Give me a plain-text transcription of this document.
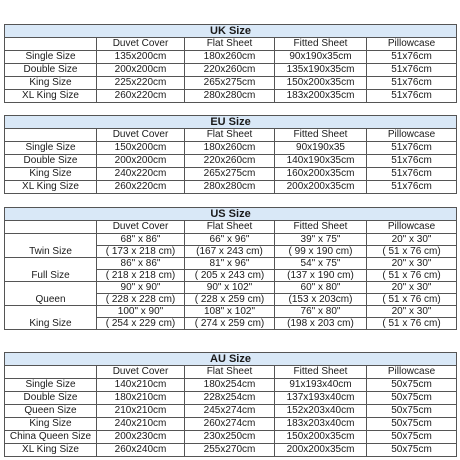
UK Size				
	Duvet Cover	Flat Sheet	Fitted Sheet	Pillowcase
Single Size	135x200cm	180x260cm	90x190x35cm	51x76cm
Double Size	200x200cm	220x260cm	135x190x35cm	51x76cm
King Size	225x220cm	265x275cm	150x200x35cm	51x76cm
XL King Size	260x220cm	280x280cm	183x200x35cm	51x76cm
EU Size				
	Duvet Cover	Flat Sheet	Fitted Sheet	Pillowcase
Single Size	150x200cm	180x260cm	90x190x35	51x76cm
Double Size	200x200cm	220x260cm	140x190x35cm	51x76cm
King Size	240x220cm	265x275cm	160x200x35cm	51x76cm
XL King Size	260x220cm	280x280cm	200x200x35cm	51x76cm
US Size				
	Duvet Cover	Flat Sheet	Fitted Sheet	Pillowcase
Twin Size	68" x 86"	66" x 96"	39" x 75"	20" x 30"
	( 173 x 218 cm)	(167 x 243 cm)	( 99 x 190 cm)	( 51 x 76 cm)
Full Size	86" x 86"	81" x 96"	54" x 75"	20" x 30"
	( 218 x 218 cm)	( 205 x 243 cm)	(137 x 190 cm)	( 51 x 76 cm)
Queen	90" x 90"	90" x 102"	60" x 80"	20" x 30"
	( 228 x 228 cm)	( 228 x 259 cm)	(153 x 203cm)	( 51 x 76 cm)
King Size	100" x 90"	108" x 102"	76" x 80"	20" x 30"
	( 254 x 229 cm)	( 274 x 259 cm)	(198 x 203 cm)	( 51 x 76 cm)
AU Size				
	Duvet Cover	Flat Sheet	Fitted Sheet	Pillowcase
Single Size	140x210cm	180x254cm	91x193x40cm	50x75cm
Double Size	180x210cm	228x254cm	137x193x40cm	50x75cm
Queen Size	210x210cm	245x274cm	152x203x40cm	50x75cm
King Size	240x210cm	260x274cm	183x203x40cm	50x75cm
China Queen Size	200x230cm	230x250cm	150x200x35cm	50x75cm
XL King Size	260x240cm	255x270cm	200x200x35cm	50x75cm
